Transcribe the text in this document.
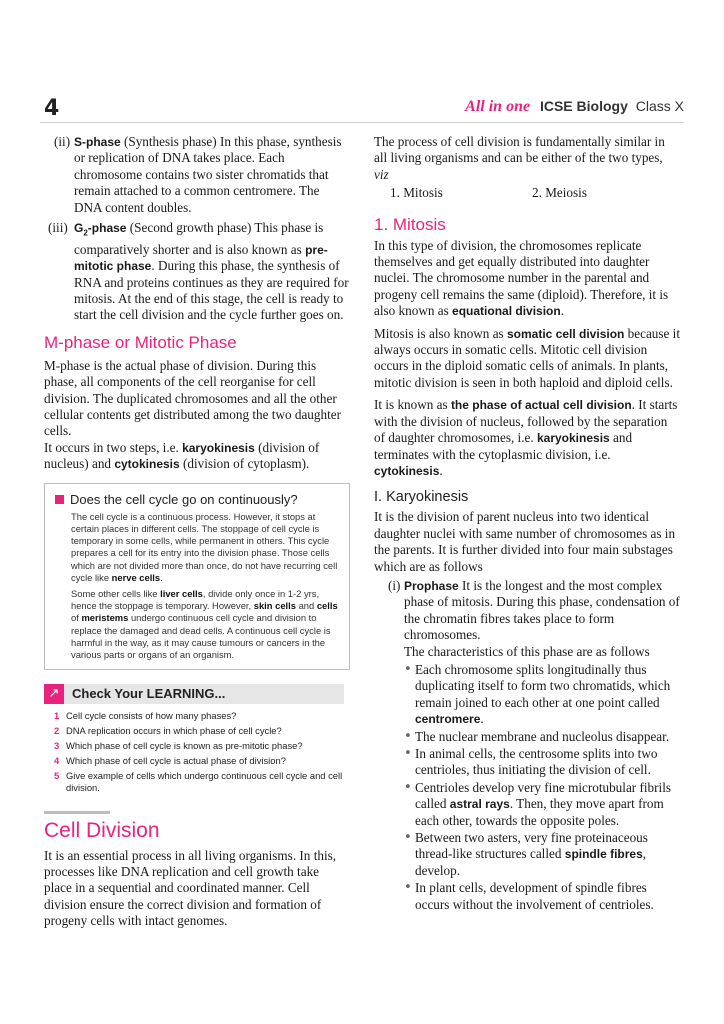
4	All in one ICSE Biology Class X
(ii) S-phase (Synthesis phase) In this phase, synthesis or replication of DNA takes place. Each chromosome contains two sister chromatids that remain attached to a common centromere. The DNA content doubles.
(iii) $G_2$-phase (Second growth phase) This phase is comparatively shorter and is also known as pre-mitotic phase. During this phase, the synthesis of RNA and proteins continues as they are required for mitosis. At the end of this stage, the cell is ready to start the cell division and the cycle further goes on.
M-phase or Mitotic Phase

M-phase is the actual phase of division. During this phase, all components of the cell reorganise for cell division. The duplicated chromosomes and all the other cellular contents get distributed among the two daughter cells.

It occurs in two steps, i.e. karyokinesis (division of nucleus) and cytokinesis (division of cytoplasm).

Does the cell cycle go on continuously?

The cell cycle is a continuous process. However, it stops at certain places in different cells. The stoppage of cell cycle is temporary in some cells, while permanent in others. This cycle prepares a cell for its entry into the division phase. Those cells which are not divided more than once, do not have recurring cell cycle like nerve cells.

Some other cells like liver cells, divide only once in 1-2 yrs, hence the stoppage is temporary. However, skin cells and cells of meristems undergo continuous cell cycle and division to replace the damaged and dead cells. A continuous cell cycle is harmful in the way, as it may cause tumours or cancers in the various parts or organs of an organism.

↗ Check Your LEARNING...
1 Cell cycle consists of how many phases?
2 DNA replication occurs in which phase of cell cycle?
3 Which phase of cell cycle is known as pre-mitotic phase?
4 Which phase of cell cycle is actual phase of division?
5 Give example of cells which undergo continuous cell cycle and cell division.
Cell Division

It is an essential process in all living organisms. In this, processes like DNA replication and cell growth take place in a sequential and coordinated manner. Cell division ensure the correct division and formation of progeny cells with intact genomes.

The process of cell division is fundamentally similar in all living organisms and can be either of the two types, viz

1. Mitosis	2. Meiosis
1. Mitosis

In this type of division, the chromosomes replicate themselves and get equally distributed into daughter nuclei. The chromosome number in the parental and progeny cell remains the same (diploid). Therefore, it is also known as equational division.

Mitosis is also known as somatic cell division because it always occurs in somatic cells. Mitotic cell division occurs in the diploid somatic cells of animals. In plants, mitotic division is seen in both haploid and diploid cells.

It is known as the phase of actual cell division. It starts with the division of nucleus, followed by the separation of daughter chromosomes, i.e. karyokinesis and terminates with the cytoplasmic division, i.e. cytokinesis.

I. Karyokinesis

It is the division of parent nucleus into two identical daughter nuclei with same number of chromosomes as in the parents. It is further divided into four main substages which are as follows

(i) Prophase It is the longest and the most complex phase of mitosis. During this phase, condensation of the chromatin fibres takes place to form chromosomes.

The characteristics of this phase are as follows

• Each chromosome splits longitudinally thus duplicating itself to form two chromatids, which remain joined to each other at one point called centromere.
• The nuclear membrane and nucleolus disappear.
• In animal cells, the centrosome splits into two centrioles, thus initiating the division of cell.
• Centrioles develop very fine microtubular fibrils called astral rays. Then, they move apart from each other, towards the opposite poles.
• Between two asters, very fine proteinaceous thread-like structures called spindle fibres, develop.
• In plant cells, development of spindle fibres occurs without the involvement of centrioles.
